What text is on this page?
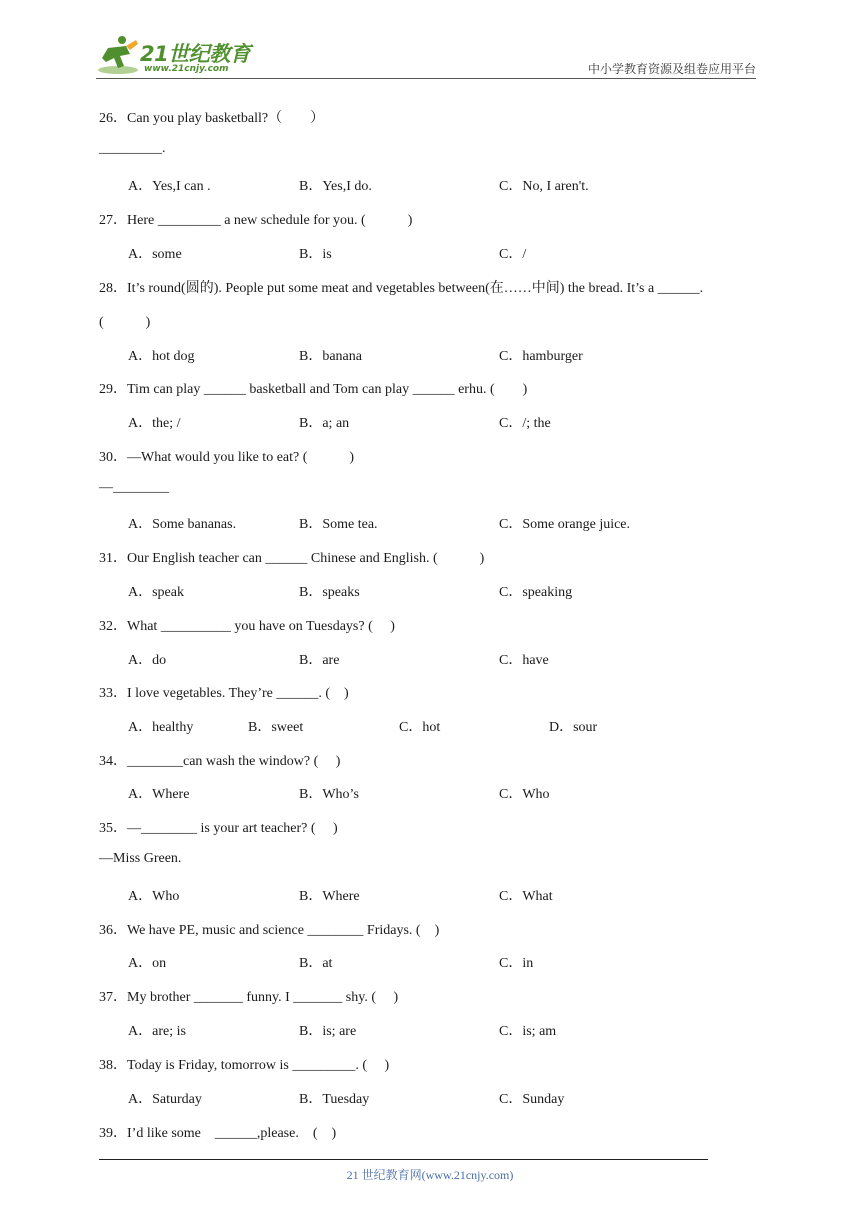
21世纪教育
www.21cnjy.com	中小学教育资源及组卷应用平台
26．Can you play basketball?（　　）
_________.
A．Yes,I can .	B．Yes,I do.	C．No, I aren't.
27．Here _________ a new schedule for you. (　　　)
A．some	B．is	C．/
28．It’s round(圆的). People put some meat and vegetables between(在……中间) the bread. It’s a ______.
(　　　)
A．hot dog	B．banana	C．hamburger
29．Tim can play ______ basketball and Tom can play ______ erhu. (　　)
A．the; /	B．a; an	C．/; the
30．—What would you like to eat? (　　　)
—________
A．Some bananas.	B．Some tea.	C．Some orange juice.
31．Our English teacher can ______ Chinese and English. (　　　)
A．speak	B．speaks	C．speaking
32．What __________ you have on Tuesdays? (　 )
A．do	B．are	C．have
33．I love vegetables. They’re ______. (　)
A．healthy	B．sweet	C．hot	D．sour
34．________can wash the window? (　 )
A．Where	B．Who’s	C．Who
35．—________ is your art teacher? (　 )
—Miss Green.
A．Who	B．Where	C．What
36．We have PE, music and science ________ Fridays. (　)
A．on	B．at	C．in
37．My brother _______ funny. I _______ shy. (　 )
A．are; is	B．is; are	C．is; am
38．Today is Friday, tomorrow is _________. (　 )
A．Saturday	B．Tuesday	C．Sunday
39．I’d like some　______,please.　(　)
21 世纪教育网(www.21cnjy.com)
